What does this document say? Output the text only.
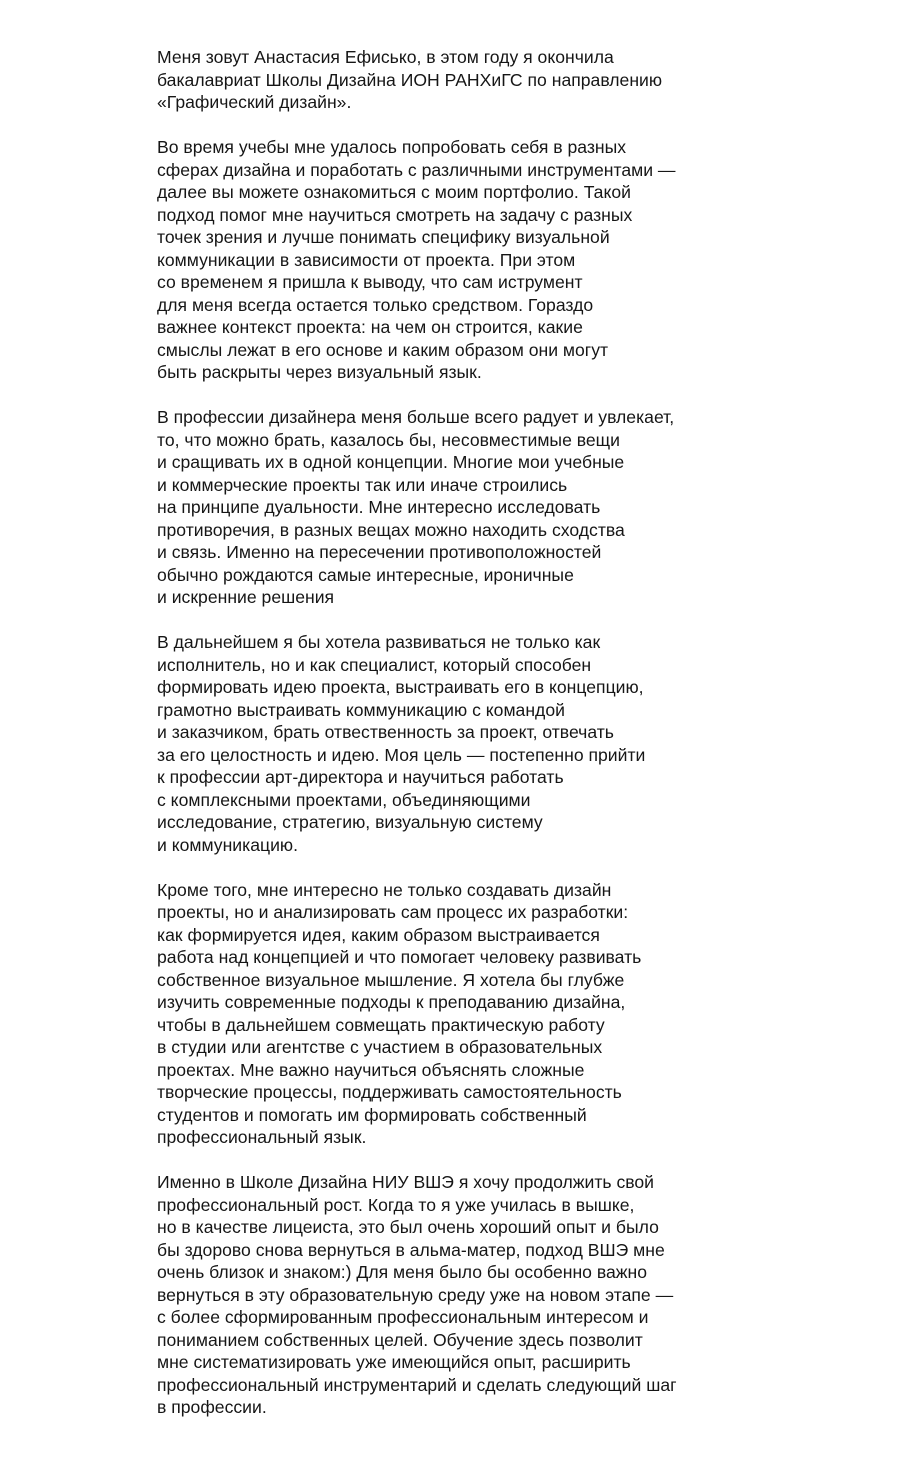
Меня зовут Анастасия Ефисько, в этом году я окончила
бакалавриат Школы Дизайна ИОН РАНХиГС по направлению
«Графический дизайн».
Во время учебы мне удалось попробовать себя в разных
сферах дизайна и поработать с различными инструментами —
далее вы можете ознакомиться с моим портфолио. Такой
подход помог мне научиться смотреть на задачу с разных
точек зрения и лучше понимать специфику визуальной
коммуникации в зависимости от проекта. При этом
со временем я пришла к выводу, что сам иструмент
для меня всегда остается только средством. Гораздо
важнее контекст проекта: на чем он строится, какие
смыслы лежат в его основе и каким образом они могут
быть раскрыты через визуальный язык.
В профессии дизайнера меня больше всего радует и увлекает,
то, что можно брать, казалось бы, несовместимые вещи
и сращивать их в одной концепции. Многие мои учебные
и коммерческие проекты так или иначе строились
на принципе дуальности. Мне интересно исследовать
противоречия, в разных вещах можно находить сходства
и связь. Именно на пересечении противоположностей
обычно рождаются самые интересные, ироничные
и искренние решения
В дальнейшем я бы хотела развиваться не только как
исполнитель, но и как специалист, который способен
формировать идею проекта, выстраивать его в концепцию,
грамотно выстраивать коммуникацию с командой
и заказчиком, брать отвественность за проект, отвечать
за его целостность и идею. Моя цель — постепенно прийти
к профессии арт-директора и научиться работать
с комплексными проектами, объединяющими
исследование, стратегию, визуальную систему
и коммуникацию.
Кроме того, мне интересно не только создавать дизайн
проекты, но и анализировать сам процесс их разработки:
как формируется идея, каким образом выстраивается
работа над концепцией и что помогает человеку развивать
собственное визуальное мышление. Я хотела бы глубже
изучить современные подходы к преподаванию дизайна,
чтобы в дальнейшем совмещать практическую работу
в студии или агентстве с участием в образовательных
проектах. Мне важно научиться объяснять сложные
творческие процессы, поддерживать самостоятельность
студентов и помогать им формировать собственный
профессиональный язык.
Именно в Школе Дизайна НИУ ВШЭ я хочу продолжить свой
профессиональный рост. Когда то я уже училась в вышке,
но в качестве лицеиста, это был очень хороший опыт и было
бы здорово снова вернуться в альма-матер, подход ВШЭ мне
очень близок и знаком:) Для меня было бы особенно важно
вернуться в эту образовательную среду уже на новом этапе —
с более сформированным профессиональным интересом и
пониманием собственных целей. Обучение здесь позволит
мне систематизировать уже имеющийся опыт, расширить
профессиональный инструментарий и сделать следующий шаг
в профессии.
